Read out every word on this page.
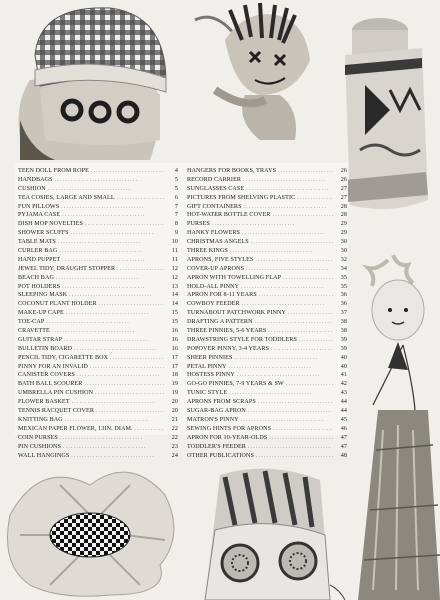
TEEN DOLL FROM ROPE . .	4
HANDBAGS . .	5
CUSHION . .	5
TEA COSIES, LARGE AND SMALL . .	6
FUN PILLOWS . .	7
PYJAMA CASE . .	7
DISH MOP NOVELTIES . .	8
SHOWER SCUFFS . .	9
TABLE MATS . .	10
CURLER BAG . .	11
HAND PUPPET . .	11
JEWEL TIDY, DRAUGHT STOPPER . .	12
BEACH BAG . .	12
POT HOLDERS . .	13
SLEEPING MASK . .	14
COCONUT PLANT HOLDER . .	14
MAKE-UP CAPE . .	15
TOE-CAP . .	15
CRAVETTE . .	16
GUITAR STRAP . .	16
BULLETIN BOARD . .	16
PENCIL TIDY, CIGARETTE BOX . .	17
PINNY FOR AN INVALID . .	17
CANISTER COVERS . .	18
BATH BALL SCOURER . .	19
UMBRELLA PIN CUSHION . .	19
FLOWER BASKET . .	20
TENNIS RACQUET COVER . .	20
KNITTING BAG . .	21
MEXICAN PAPER FLOWER, 13IN. DIAM. . .	22
COIN PURSES . .	22
PIN CUSHIONS . .	23
WALL HANGINGS . .	24
HANGERS FOR BOOKS, TRAYS . .	26
RECORD CARRIER . .	26
SUNGLASSES CASE . .	27
PICTURES FROM SHELVING PLASTIC . .	27
GIFT CONTAINERS . .	28
HOT-WATER BOTTLE COVER . .	28
PURSES . .	29
HANKY FLOWERS . .	29
CHRISTMAS ANGELS . .	30
THREE KINGS . .	30
APRONS, FIVE STYLES . .	32
COVER-UP APRONS . .	34
APRON WITH TOWELLING FLAP . .	35
HOLD-ALL PINNY . .	35
APRON FOR 8-11 YEARS . .	36
COWBOY FEEDER . .	36
TURNABOUT PATCHWORK PINNY . .	37
DRAFTING A PATTERN . .	38
THREE PINNIES, 5-6 YEARS . .	38
DRAWSTRING STYLE FOR TODDLERS . .	39
POPOVER PINNY, 3-4 YEARS . .	39
SHEER PINNIES . .	40
PETAL PINNY . .	40
HOSTESS PINNY . .	41
GO-GO PINNIES, 7-9 YEARS & SW . .	42
TUNIC STYLE . .	43
APRONS FROM SCRAPS . .	44
SUGAR-BAG APRON . .	44
MATRON'S PINNY . .	45
SEWING HINTS FOR APRONS . .	46
APRON FOR 10-YEAR-OLDS . .	47
TODDLER'S FEEDER . .	47
OTHER PUBLICATIONS . .	48
